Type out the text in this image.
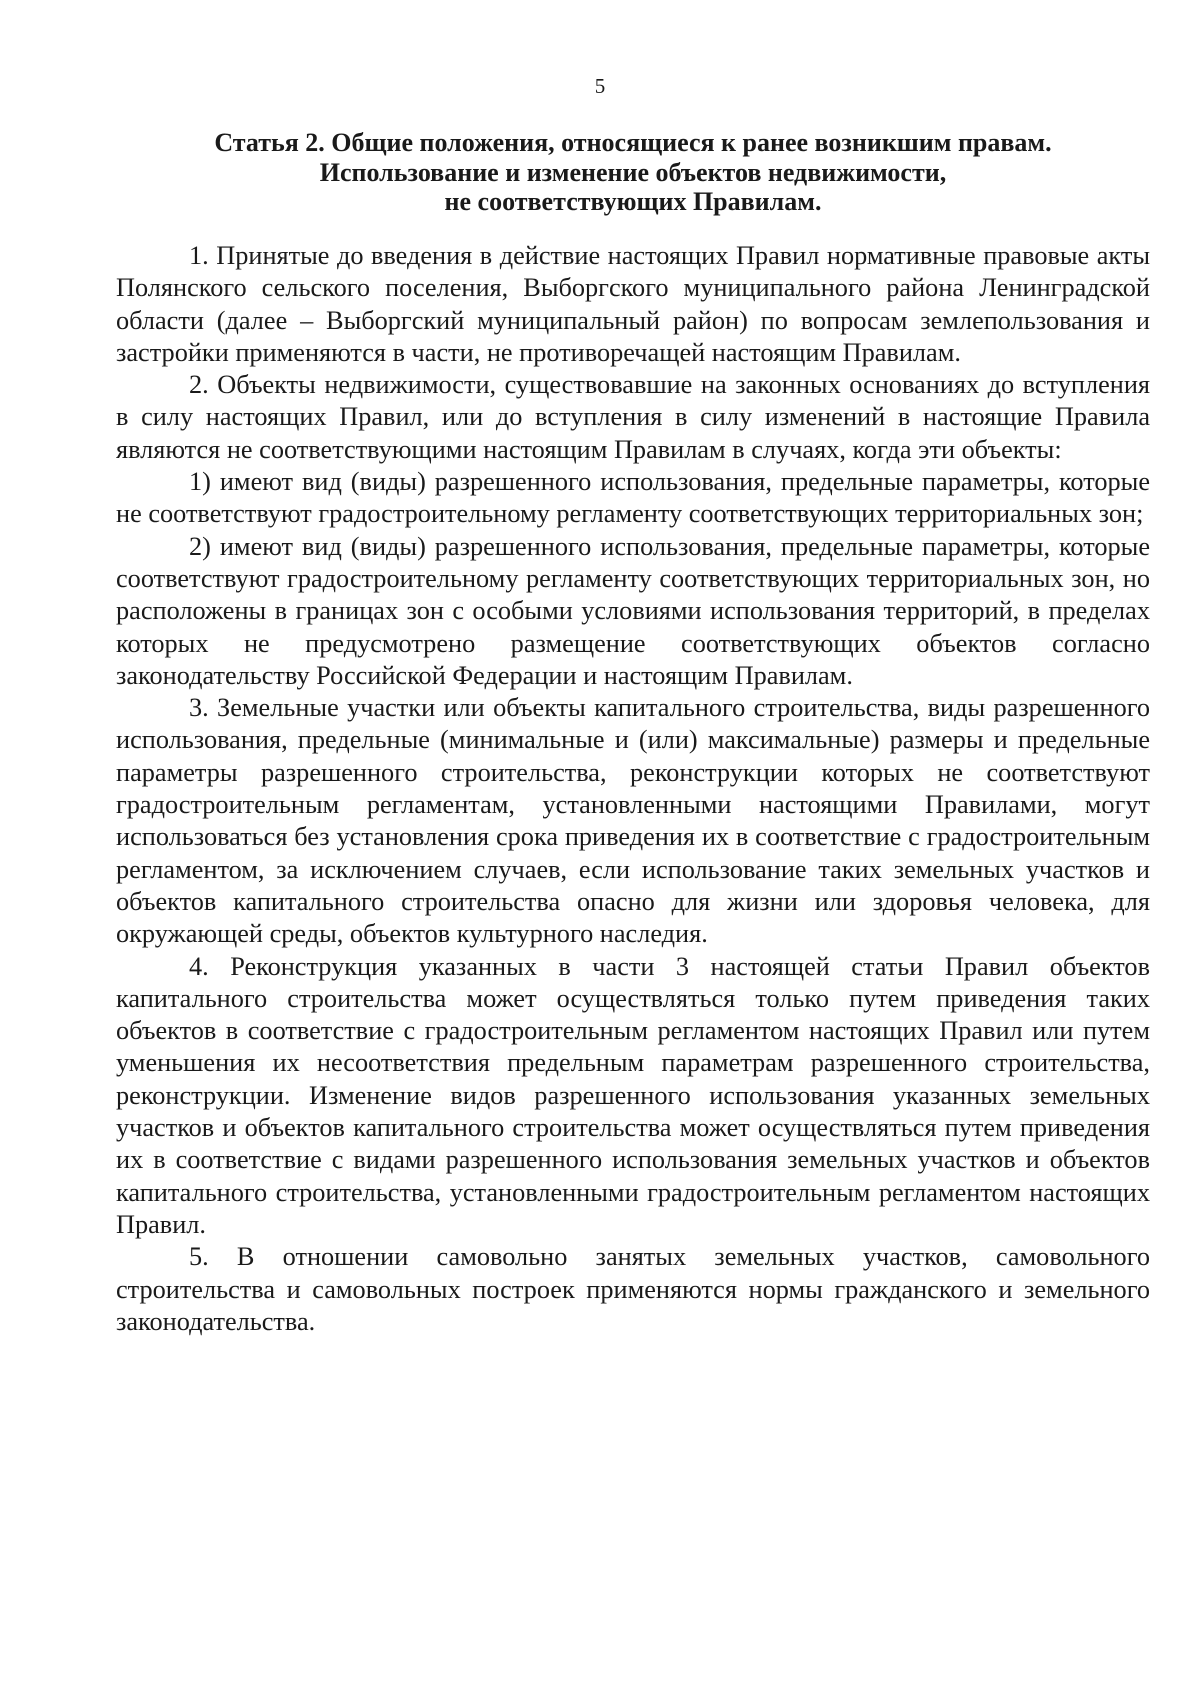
5
Статья 2. Общие положения, относящиеся к ранее возникшим правам.
Использование и изменение объектов недвижимости,
не соответствующих Правилам.

1. Принятые до введения в действие настоящих Правил нормативные правовые акты Полянского сельского поселения, Выборгского муниципального района Ленинградской области (далее – Выборгский муниципальный район) по вопросам землепользования и застройки применяются в части, не противоречащей настоящим Правилам.

2. Объекты недвижимости, существовавшие на законных основаниях до вступления в силу настоящих Правил, или до вступления в силу изменений в настоящие Правила являются не соответствующими настоящим Правилам в случаях, когда эти объекты:

1) имеют вид (виды) разрешенного использования, предельные параметры, которые не соответствуют градостроительному регламенту соответствующих территориальных зон;

2) имеют вид (виды) разрешенного использования, предельные параметры, которые соответствуют градостроительному регламенту соответствующих территориальных зон, но расположены в границах зон с особыми условиями использования территорий, в пределах которых не предусмотрено размещение соответствующих объектов согласно законодательству Российской Федерации и настоящим Правилам.

3. Земельные участки или объекты капитального строительства, виды разрешенного использования, предельные (минимальные и (или) максимальные) размеры и предельные параметры разрешенного строительства, реконструкции которых не соответствуют градостроительным регламентам, установленными настоящими Правилами, могут использоваться без установления срока приведения их в соответствие с градостроительным регламентом, за исключением случаев, если использование таких земельных участков и объектов капитального строительства опасно для жизни или здоровья человека, для окружающей среды, объектов культурного наследия.

4. Реконструкция указанных в части 3 настоящей статьи Правил объектов капитального строительства может осуществляться только путем приведения таких объектов в соответствие с градостроительным регламентом настоящих Правил или путем уменьшения их несоответствия предельным параметрам разрешенного строительства, реконструкции. Изменение видов разрешенного использования указанных земельных участков и объектов капитального строительства может осуществляться путем приведения их в соответствие с видами разрешенного использования земельных участков и объектов капитального строительства, установленными градостроительным регламентом настоящих Правил.

5. В отношении самовольно занятых земельных участков, самовольного строительства и самовольных построек применяются нормы гражданского и земельного законодательства.
